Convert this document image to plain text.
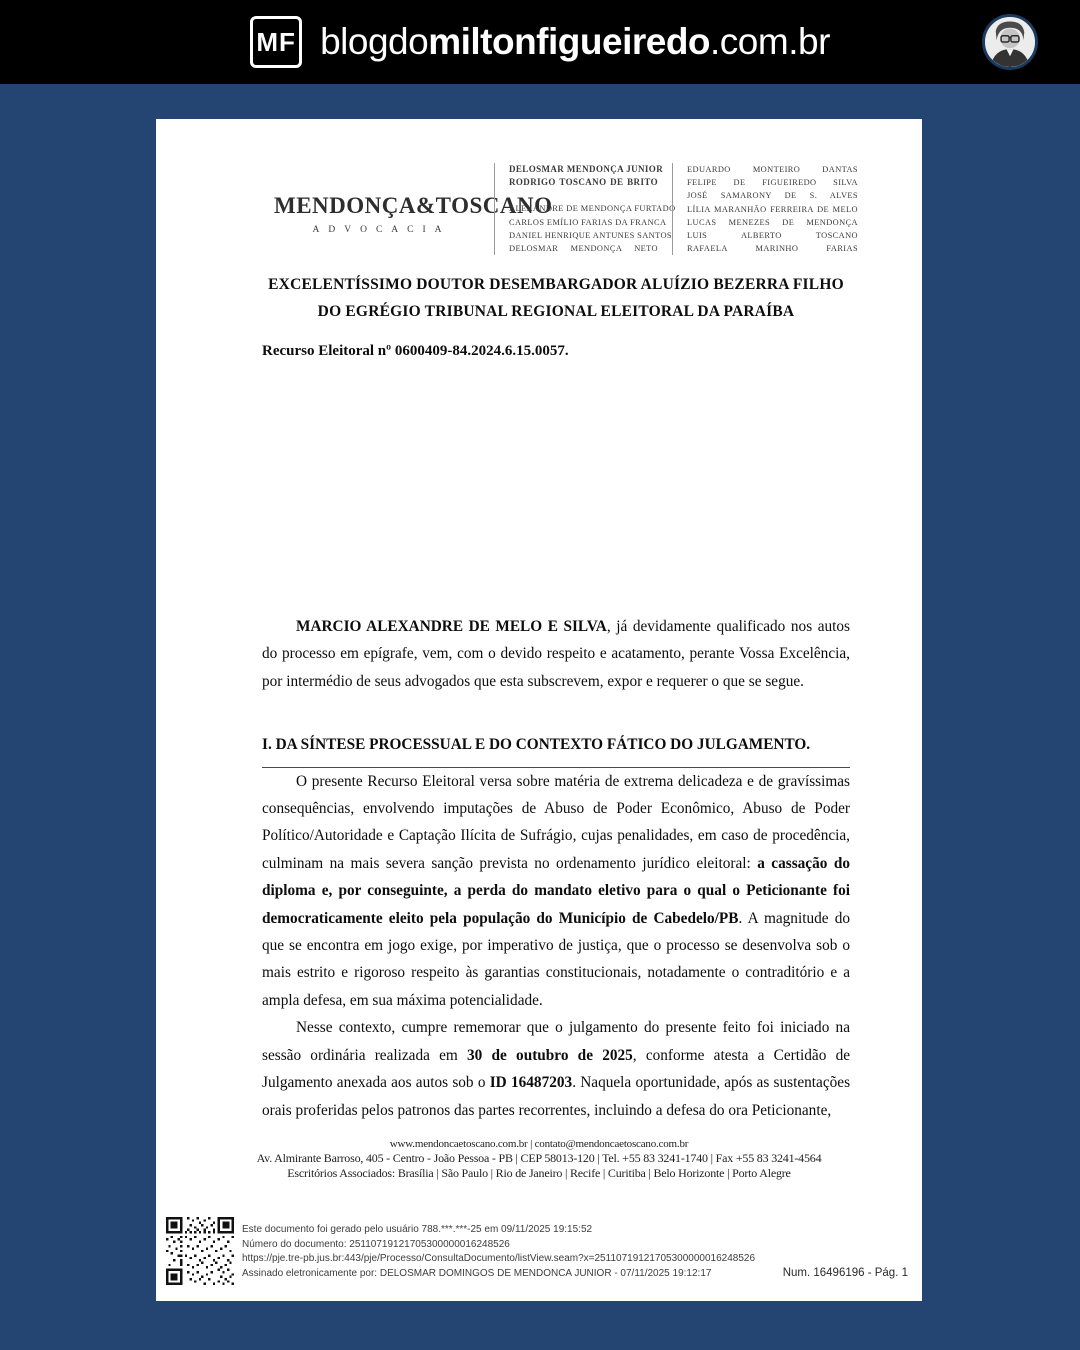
MF blogdomiltonfigueiredo.com.br
MENDONÇA&TOSCANO
ADVOCACIA
DELOSMAR MENDONÇA JUNIOR
RODRIGO TOSCANO DE BRITO
ALEXANDRE DE MENDONÇA FURTADO
CARLOS EMÍLIO FARIAS DA FRANCA
DANIEL HENRIQUE ANTUNES SANTOS
DELOSMAR MENDONÇA NETO
EDUARDO MONTEIRO DANTAS
FELIPE DE FIGUEIREDO SILVA
JOSÉ SAMARONY DE S. ALVES
LÍLIA MARANHÃO FERREIRA DE MELO
LUCAS MENEZES DE MENDONÇA
LUIS ALBERTO TOSCANO
RAFAELA MARINHO FARIAS
EXCELENTÍSSIMO DOUTOR DESEMBARGADOR ALUÍZIO BEZERRA FILHO
DO EGRÉGIO TRIBUNAL REGIONAL ELEITORAL DA PARAÍBA
Recurso Eleitoral nº 0600409-84.2024.6.15.0057.

MARCIO ALEXANDRE DE MELO E SILVA, já devidamente qualificado nos autos do processo em epígrafe, vem, com o devido respeito e acatamento, perante Vossa Excelência, por intermédio de seus advogados que esta subscrevem, expor e requerer o que se segue.

I. DA SÍNTESE PROCESSUAL E DO CONTEXTO FÁTICO DO JULGAMENTO.

O presente Recurso Eleitoral versa sobre matéria de extrema delicadeza e de gravíssimas consequências, envolvendo imputações de Abuso de Poder Econômico, Abuso de Poder Político/Autoridade e Captação Ilícita de Sufrágio, cujas penalidades, em caso de procedência, culminam na mais severa sanção prevista no ordenamento jurídico eleitoral: a cassação do diploma e, por conseguinte, a perda do mandato eletivo para o qual o Peticionante foi democraticamente eleito pela população do Município de Cabedelo/PB. A magnitude do que se encontra em jogo exige, por imperativo de justiça, que o processo se desenvolva sob o mais estrito e rigoroso respeito às garantias constitucionais, notadamente o contraditório e a ampla defesa, em sua máxima potencialidade.

Nesse contexto, cumpre rememorar que o julgamento do presente feito foi iniciado na sessão ordinária realizada em 30 de outubro de 2025, conforme atesta a Certidão de Julgamento anexada aos autos sob o ID 16487203. Naquela oportunidade, após as sustentações orais proferidas pelos patronos das partes recorrentes, incluindo a defesa do ora Peticionante,

www.mendoncaetoscano.com.br | contato@mendoncaetoscano.com.br
Av. Almirante Barroso, 405 - Centro - João Pessoa - PB | CEP 58013-120 | Tel. +55 83 3241-1740 | Fax +55 83 3241-4564
Escritórios Associados: Brasília | São Paulo | Rio de Janeiro | Recife | Curitiba | Belo Horizonte | Porto Alegre
Este documento foi gerado pelo usuário 788.***.***-25 em 09/11/2025 19:15:52
Número do documento: 25110719121705300000016248526
https://pje.tre-pb.jus.br:443/pje/Processo/ConsultaDocumento/listView.seam?x=25110719121705300000016248526
Assinado eletronicamente por: DELOSMAR DOMINGOS DE MENDONCA JUNIOR - 07/11/2025 19:12:17	Num. 16496196 - Pág. 1
